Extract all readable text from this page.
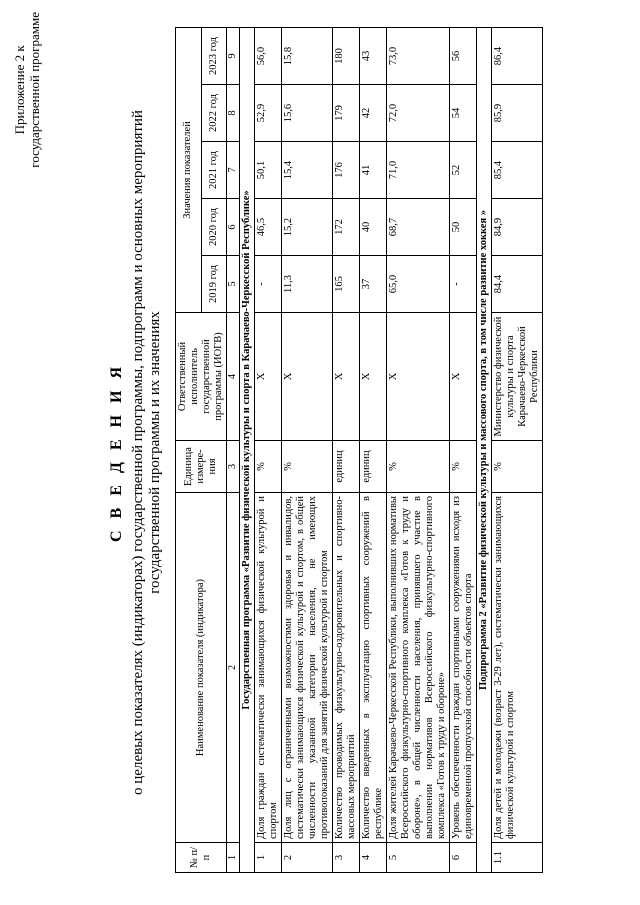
Приложение 2 к государственной программе
С В Е Д Е Н И Я о целевых показателях (индикаторах) государственной программы, подпрограмм и основных мероприятий государственной программы и их значениях
№ п/п	Наименование показателя (индикатора)	Единица измере-ния	Ответственный исполнитель государственной программы (ИОГВ)	Значения показателей				
				2019 год	2020 год	2021 год	2022 год	2023 год
1	2	3	4	5	6	7	8	9
Государственная программа «Развитие физической культуры и спорта в Карачаево-Черкесской Республике»								
1	Доля граждан систематически занимающихся физической культурой и спортом	%	X	-	46,5	50,1	52,9	56,0
2	Доля лиц с ограниченными возможностями здоровья и инвалидов, систематически занимающихся физической культурой и спортом, в общей численности указанной категории населения, не имеющих противопоказаний для занятий физической культурой и спортом	%	X	11,3	15,2	15,4	15,6	15,8
3	Количество проводимых физкультурно-оздоровительных и спортивно-массовых мероприятий	единиц	X	165	172	176	179	180
4	Количество введенных в эксплуатацию спортивных сооружений в республике	единиц	X	37	40	41	42	43
5	Доля жителей Карачаево-Черкесской Республики, выполнивших нормативы Всероссийского физкультурно-спортивного комплекса «Готов к труду и обороне», в общей численности населения, принявшего участие в выполнении нормативов Всероссийского физкультурно-спортивного комплекса «Готов к труду и обороне»	%	X	65,0	68,7	71,0	72,0	73,0
6	Уровень обеспеченности граждан спортивными сооружениями исходя из единовременной пропускной способности объектов спорта	%	X	-	50	52	54	56
Подпрограмма 2 «Развитие физической культуры и массового спорта, в том числе развитие хоккея »								
1.1	Доля детей и молодежи (возраст 3-29 лет), систематически занимающихся физической культурой и спортом	%	Министерство физической культуры и спорта Карачаево-Черкесской Республики	84,4	84,9	85,4	85,9	86,4
